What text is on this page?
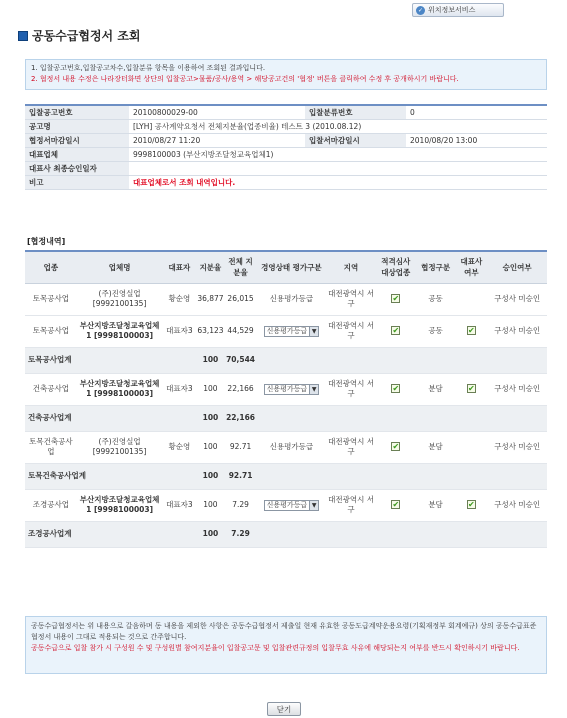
✓ 위치정보서비스
공동수급협정서 조회
1. 입찰공고번호,입찰공고차수,입찰분류 항목을 이용하여 조회된 결과입니다.
2. 협정서 내용 수정은 나라장터화면 상단의 입찰공고>물품/공사/용역 > 해당공고건의 '협정' 버튼을 클릭하여 수정 후 공개하시기 바랍니다.
입찰공고번호	20100800029-00	입찰분류번호	0
공고명	[LYH] 공사계약요청서 전체지분율(업종비율) 테스트 3 (2010.08.12)		
협정서마감일시	2010/08/27 11:20	입찰서마감일시	2010/08/20 13:00
대표업체	9998100003 (부산지방조달청교육업체1)		
대표사 최종승인일자			
비고	대표업체로서 조회 내역입니다.		
[협정내역]
업종	업체명	대표자	지분율	전체 지분율	경영상태 평가구분	지역	적격심사 대상업종	협정구분	대표사 여부	승인여부
토목공사업	(주)진영실업 [9992100135]	황순영	36,877	26,015	신용평가등급	대전광역시 서구	✔	공동		구성사 미승인
토목공사업	부산지방조달청교육업체1 [9998100003]	대표자3	63,123	44,529	신용평가등급 ▼	대전광역시 서구	✔	공동	✔	구성사 미승인
토목공사업계			100	70,544						
건축공사업	부산지방조달청교육업체1 [9998100003]	대표자3	100	22,166	신용평가등급 ▼	대전광역시 서구	✔	분담	✔	구성사 미승인
건축공사업계			100	22,166						
토목건축공사업	(주)진영실업 [9992100135]	황순영	100	92.71	신용평가등급	대전광역시 서구	✔	분담		구성사 미승인
토목건축공사업계			100	92.71						
조경공사업	부산지방조달청교육업체1 [9998100003]	대표자3	100	7.29	신용평가등급 ▼	대전광역시 서구	✔	분담	✔	구성사 미승인
조경공사업계			100	7.29						
공동수급협정서는 위 내용으로 갈음하며 동 내용을 제외한 사항은 공동수급협정서 제출일 현재 유효한 공동도급계약운용요령(기획재정부 회계예규) 상의 공동수급표준협정서 내용이 그대로 적용되는 것으로 간주합니다.
공동수급으로 입찰 참가 시 구성원 수 및 구성원별 참여지분율이 입찰공고문 및 입찰관련규정의 입찰무효 사유에 해당되는지 여부를 반드시 확인하시기 바랍니다.
닫기
